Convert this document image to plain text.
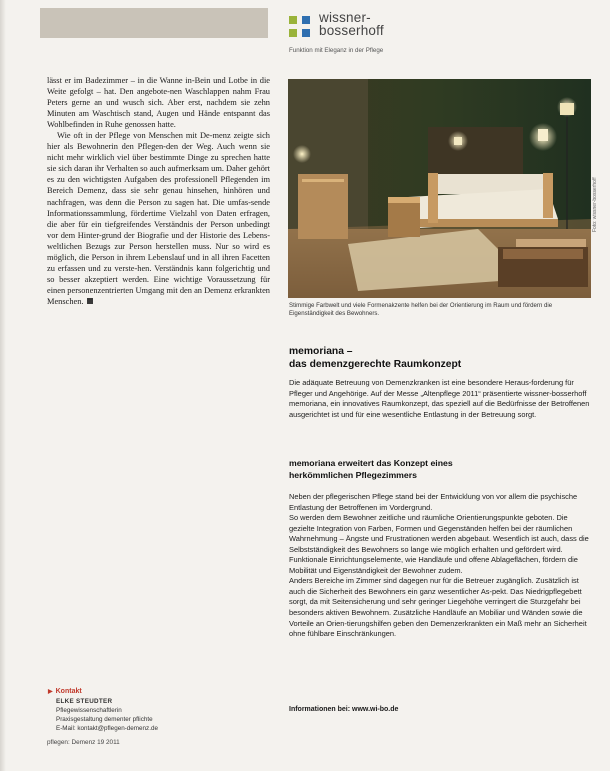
wissner-
bosserhoff
Funktion mit Eleganz in der Pflege

lässt er im Badezimmer – in die Wanne in-Bein und Lotbe in die Weite gefolgt – hat. Den angebote-nen Waschlappen nahm Frau Peters gerne an und wusch sich. Aber erst, nachdem sie zehn Minuten am Waschtisch stand, Augen und Hände entspannt das Wohlbefinden in Ruhe genossen hatte.

Wie oft in der Pflege von Menschen mit De-menz zeigte sich hier als Bewohnerin den Pflegen-den der Weg. Auch wenn sie nicht mehr wirklich viel über bestimmte Dinge zu sprechen hatte sie sich daran ihr Verhalten so auch aufmerksam um. Daher gehört es zu den wichtigsten Aufgaben des professionell Pflegenden im Bereich Demenz, dass sie sehr genau hinsehen, hinhören und nachfragen, was denn die Person zu sagen hat. Die umfas-sende Informationssammlung, fördertime Vielzahl von Daten erfragen, die aber für ein tiefgreifendes Verständnis der Person unbedingt vor dem Hinter-grund der Biografie und der Historie des Lebens-weltlichen Bezugs zur Person herstellen muss. Nur so wird es möglich, die Person in ihrem Lebenslauf und in all ihren Facetten zu erfassen und zu verste-hen. Verständnis kann folgerichtig und so besser akzeptiert werden. Eine wichtige Voraussetzung für einen personenzentrierten Umgang mit den an Demenz erkrankten Menschen.

Foto: wissner-bosserhoff
Stimmige Farbwelt und viele Formenakzente helfen bei der Orientierung im Raum und fördern die Eigenständigkeit des Bewohners.
memoriana –
das demenzgerechte Raumkonzept

Die adäquate Betreuung von Demenzkranken ist eine besondere Heraus-forderung für Pfleger und Angehörige. Auf der Messe „Altenpflege 2011“ präsentierte wissner-bosserhoff memoriana, ein innovatives Raumkonzept, das speziell auf die Bedürfnisse der Betroffenen ausgerichtet ist und für eine wesentliche Entlastung in der Betreuung sorgt.

memoriana erweitert das Konzept eines
herkömmlichen Pflegezimmers

Neben der pflegerischen Pflege stand bei der Entwicklung von vor allem die psychische Entlastung der Betroffenen im Vordergrund.

So werden dem Bewohner zeitliche und räumliche Orientierungspunkte geboten. Die gezielte Integration von Farben, Formen und Gegenständen helfen bei der räumlichen Wahrnehmung – Ängste und Frustrationen werden abgebaut. Wesentlich ist auch, dass die Selbstständigkeit des Bewohners so lange wie möglich erhalten und gefördert wird. Funktionale Einrichtungselemente, wie Handläufe und offene Ablageflächen, fördern die Mobilität und Eigenständigkeit der Bewohner zudem.

Anders Bereiche im Zimmer sind dagegen nur für die Betreuer zugänglich. Zusätzlich ist auch die Sicherheit des Bewohners ein ganz wesentlicher As-pekt. Das Niedrigpflegebett sorgt, da mit Seitensicherung und sehr geringer Liegehöhe verringert die Sturzgefahr bei besonders aktiven Bewohnern. Zusätzliche Handläufe an Mobiliar und Wänden sowie die Vorteile an Orien-tierungshilfen geben den Demenzerkrankten ein Maß mehr an Sicherheit ohne fühlbare Einschränkungen.

Informationen bei: www.wi-bo.de
▶ Kontakt
ELKE STEUDTER
Pflegewissenschaftlerin
Praxisgestaltung dementer pflichte
E-Mail: kontakt@pflegen-demenz.de
pflegen: Demenz 19 2011
